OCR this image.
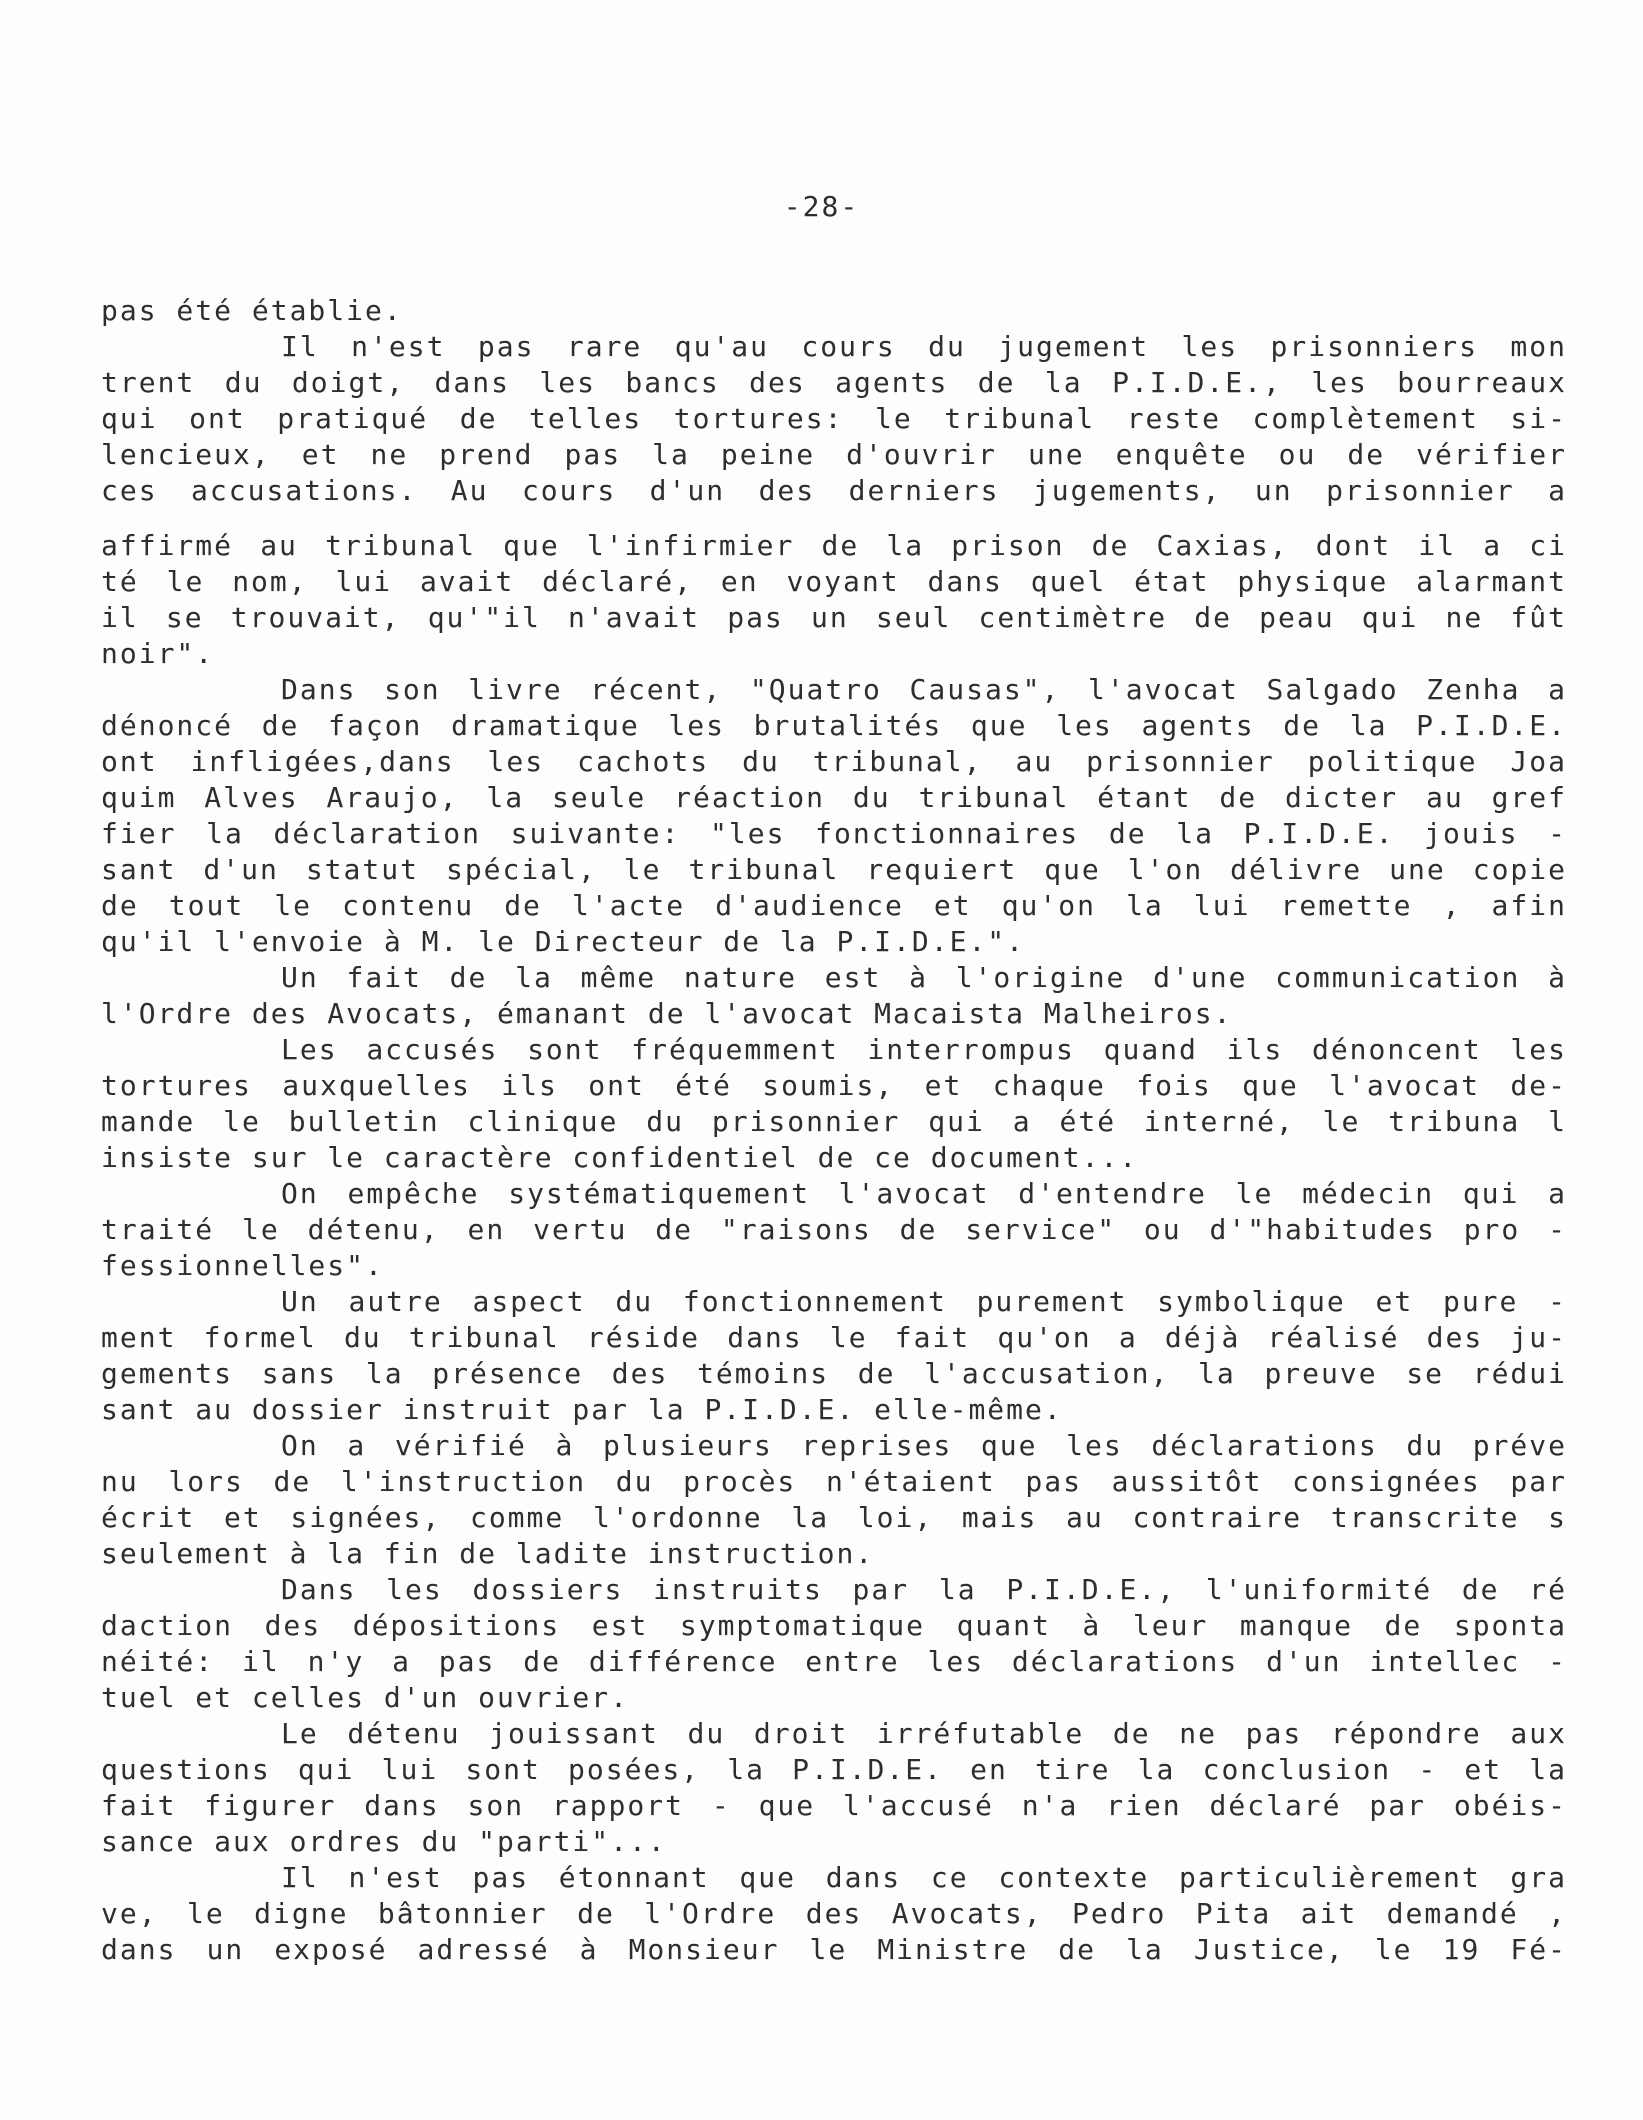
-28-
pas été établie.
Il n'est pas rare qu'au cours du jugement les prisonniers mon
trent du doigt, dans les bancs des agents de la P.I.D.E., les bourreaux
qui ont pratiqué de telles tortures: le tribunal reste complètement si-
lencieux, et ne prend pas la peine d'ouvrir une enquête ou de vérifier
ces accusations. Au cours d'un des derniers jugements, un prisonnier a
affirmé au tribunal que l'infirmier de la prison de Caxias, dont il a ci
té le nom, lui avait déclaré, en voyant dans quel état physique alarmant
il se trouvait, qu'"il n'avait pas un seul centimètre de peau qui ne fût
noir".
Dans son livre récent, "Quatro Causas", l'avocat Salgado Zenha a
dénoncé de façon dramatique les brutalités que les agents de la P.I.D.E.
ont infligées,dans les cachots du tribunal, au prisonnier politique Joa
quim Alves Araujo, la seule réaction du tribunal étant de dicter au gref
fier la déclaration suivante: "les fonctionnaires de la P.I.D.E. jouis -
sant d'un statut spécial, le tribunal requiert que l'on délivre une copie
de tout le contenu de l'acte d'audience et qu'on la lui remette , afin
qu'il l'envoie à M. le Directeur de la P.I.D.E.".
Un fait de la même nature est à l'origine d'une communication à
l'Ordre des Avocats, émanant de l'avocat Macaista Malheiros.
Les accusés sont fréquemment interrompus quand ils dénoncent les
tortures auxquelles ils ont été soumis, et chaque fois que l'avocat de-
mande le bulletin clinique du prisonnier qui a été interné, le tribuna l
insiste sur le caractère confidentiel de ce document...
On empêche systématiquement l'avocat d'entendre le médecin qui a
traité le détenu, en vertu de "raisons de service" ou d'"habitudes pro -
fessionnelles".
Un autre aspect du fonctionnement purement symbolique et pure -
ment formel du tribunal réside dans le fait qu'on a déjà réalisé des ju-
gements sans la présence des témoins de l'accusation, la preuve se rédui
sant au dossier instruit par la P.I.D.E. elle-même.
On a vérifié à plusieurs reprises que les déclarations du préve
nu lors de l'instruction du procès n'étaient pas aussitôt consignées par
écrit et signées, comme l'ordonne la loi, mais au contraire transcrite s
seulement à la fin de ladite instruction.
Dans les dossiers instruits par la P.I.D.E., l'uniformité de ré
daction des dépositions est symptomatique quant à leur manque de sponta
néité: il n'y a pas de différence entre les déclarations d'un intellec -
tuel et celles d'un ouvrier.
Le détenu jouissant du droit irréfutable de ne pas répondre aux
questions qui lui sont posées, la P.I.D.E. en tire la conclusion - et la
fait figurer dans son rapport - que l'accusé n'a rien déclaré par obéis-
sance aux ordres du "parti"...
Il n'est pas étonnant que dans ce contexte particulièrement gra
ve, le digne bâtonnier de l'Ordre des Avocats, Pedro Pita ait demandé ,
dans un exposé adressé à Monsieur le Ministre de la Justice, le 19 Fé-
